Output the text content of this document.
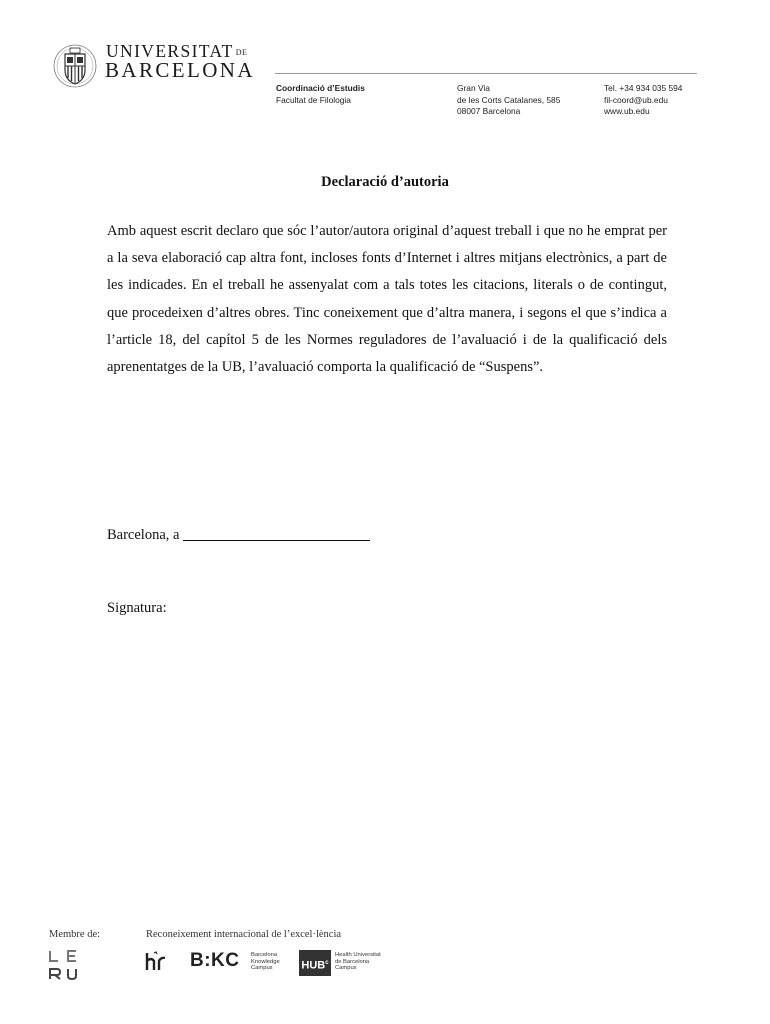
UNIVERSITAT DE
BARCELONA
Coordinació d’Estudis
Facultat de Filologia
Gran Via
de les Corts Catalanes, 585
08007 Barcelona
Tel. +34 934 035 594
fil-coord@ub.edu
www.ub.edu
Declaració d’autoria
Amb aquest escrit declaro que sóc l’autor/autora original d’aquest treball i que no he emprat per a la seva elaboració cap altra font, incloses fonts d’Internet i altres mitjans electrònics, a part de les indicades. En el treball he assenyalat com a tals totes les citacions, literals o de contingut, que procedeixen d’altres obres. Tinc coneixement que d’altra manera, i segons el que s’indica a l’article 18, del capítol 5 de les Normes reguladores de l’avaluació i de la qualificació dels aprenentatges de la UB, l’avaluació comporta la qualificació de “Suspens”.
Barcelona, a
Signatura:
Membre de:	Reconeixement internacional de l’excel·lència
B:KC Barcelona
Knowledge
Campus	HUB$^c$
Health Universitat
de Barcelona
Campus
